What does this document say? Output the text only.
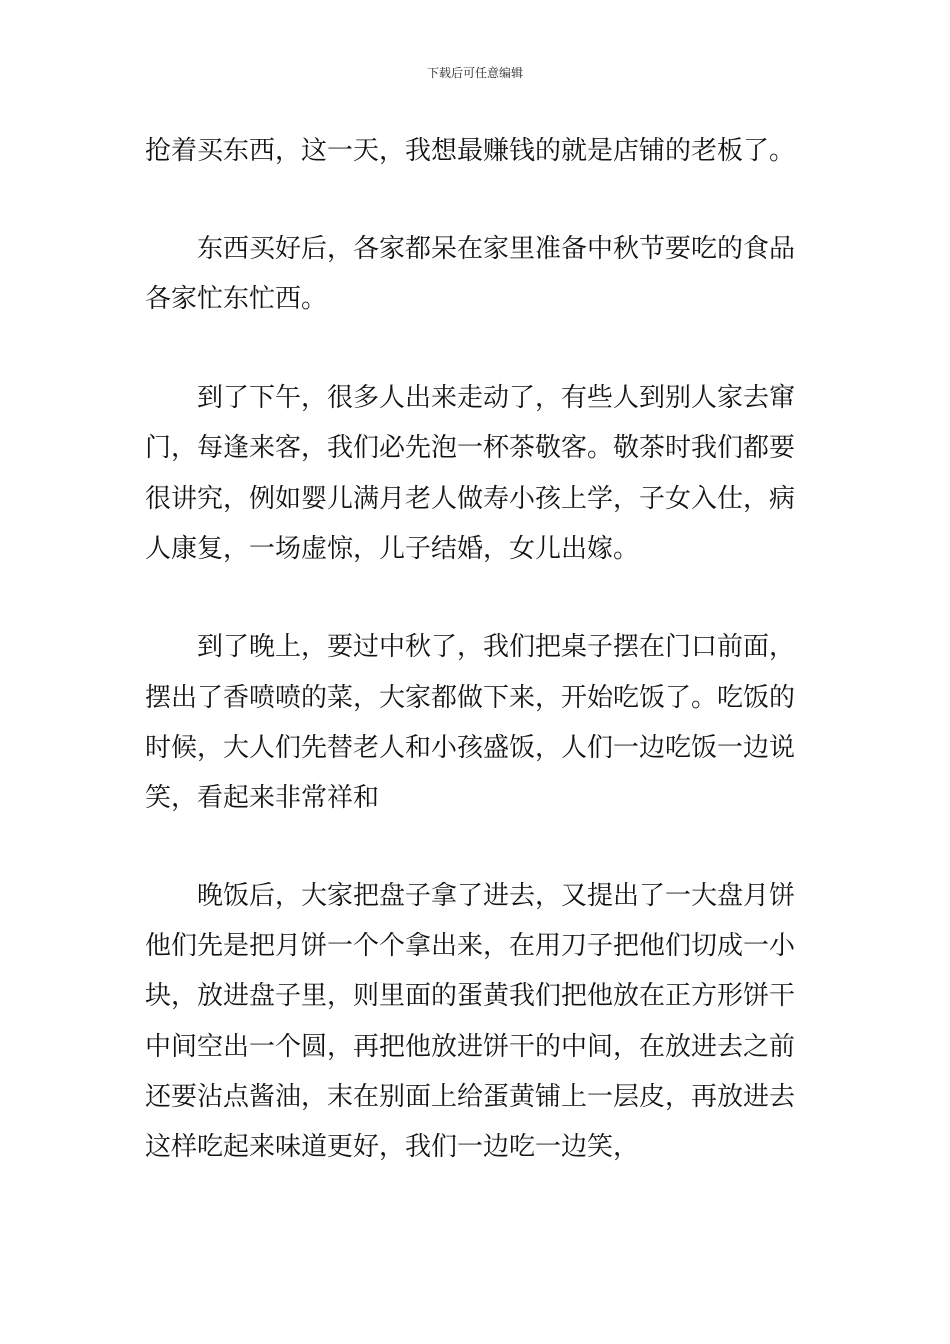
下载后可任意编辑
抢着买东西，这一天，我想最赚钱的就是店铺的老板了。
东西买好后，各家都呆在家里准备中秋节要吃的食品
各家忙东忙西。
到了下午，很多人出来走动了，有些人到别人家去窜
门，每逢来客，我们必先泡一杯茶敬客。敬茶时我们都要
很讲究，例如婴儿满月老人做寿小孩上学，子女入仕，病
人康复，一场虚惊，儿子结婚，女儿出嫁。
到了晚上，要过中秋了，我们把桌子摆在门口前面，
摆出了香喷喷的菜，大家都做下来，开始吃饭了。吃饭的
时候，大人们先替老人和小孩盛饭，人们一边吃饭一边说
笑，看起来非常祥和
晚饭后，大家把盘子拿了进去，又提出了一大盘月饼
他们先是把月饼一个个拿出来，在用刀子把他们切成一小
块，放进盘子里，则里面的蛋黄我们把他放在正方形饼干
中间空出一个圆，再把他放进饼干的中间，在放进去之前
还要沾点酱油，末在别面上给蛋黄铺上一层皮，再放进去
这样吃起来味道更好，我们一边吃一边笑，
